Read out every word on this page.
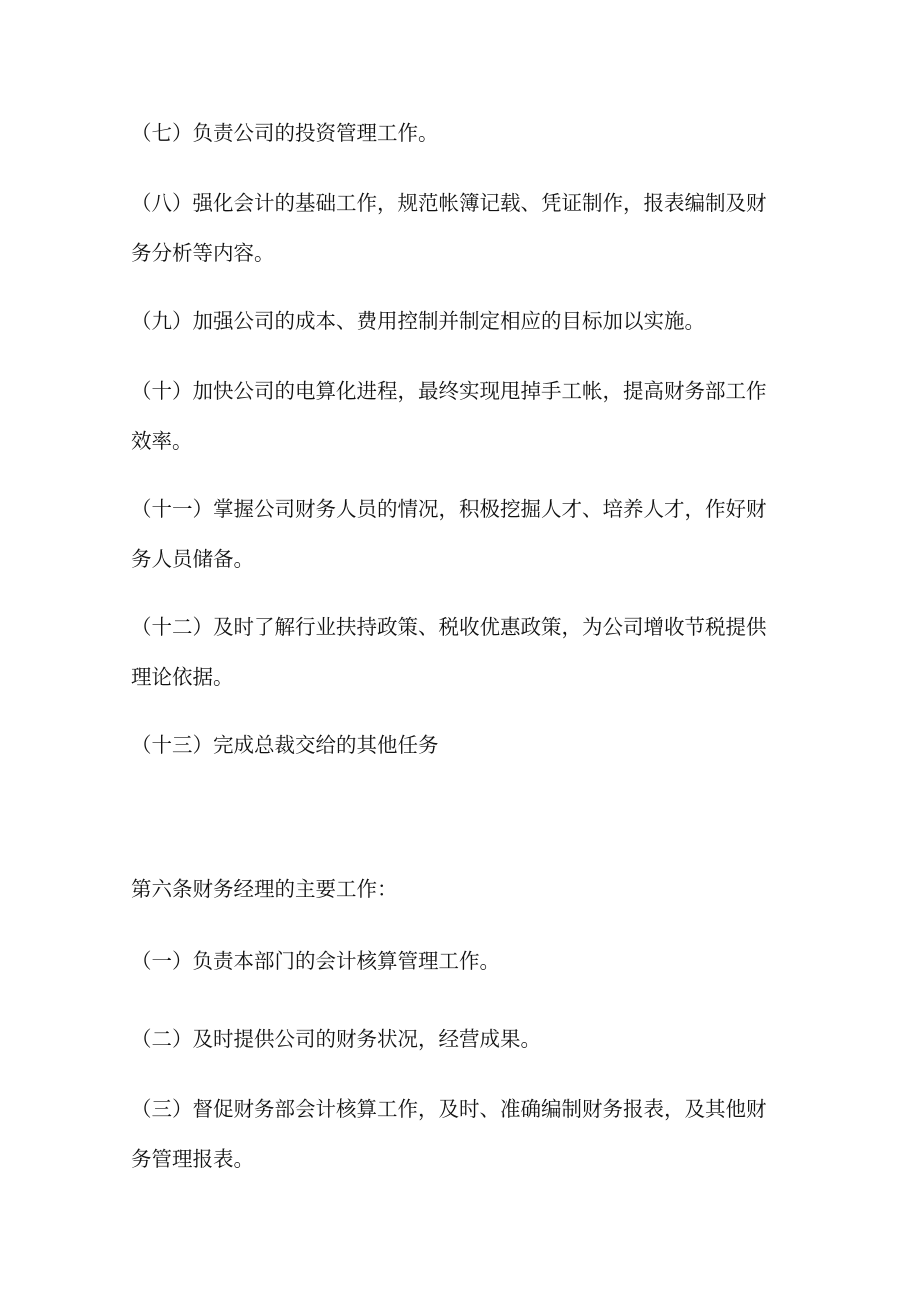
（七）负责公司的投资管理工作。

（八）强化会计的基础工作，规范帐簿记载、凭证制作，报表编制及财务分析等内容。

（九）加强公司的成本、费用控制并制定相应的目标加以实施。

（十）加快公司的电算化进程，最终实现甩掉手工帐，提高财务部工作效率。

（十一）掌握公司财务人员的情况，积极挖掘人才、培养人才，作好财务人员储备。

（十二）及时了解行业扶持政策、税收优惠政策，为公司增收节税提供理论依据。

（十三）完成总裁交给的其他任务

第六条财务经理的主要工作：

（一）负责本部门的会计核算管理工作。

（二）及时提供公司的财务状况，经营成果。

（三）督促财务部会计核算工作，及时、准确编制财务报表，及其他财务管理报表。
